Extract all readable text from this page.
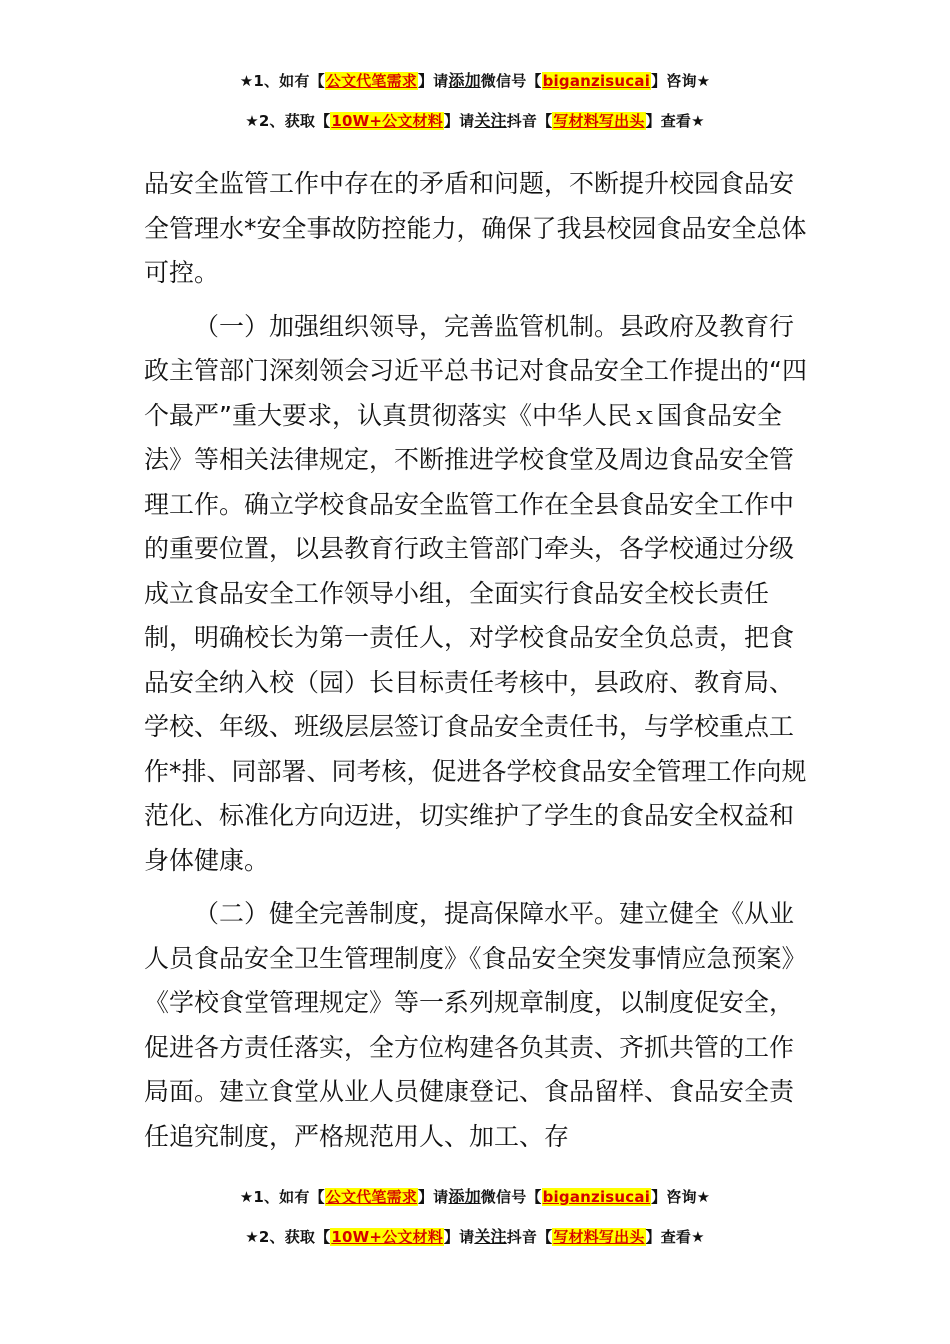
★1、如有【公文代笔需求】请添加微信号【biganzisucai】咨询★
★2、获取【10W+公文材料】请关注抖音【写材料写出头】查看★

品安全监管工作中存在的矛盾和问题，不断提升校园食品安全管理水*安全事故防控能力，确保了我县校园食品安全总体可控。

（一）加强组织领导，完善监管机制。县政府及教育行政主管部门深刻领会习近平总书记对食品安全工作提出的“四个最严”重大要求，认真贯彻落实《中华人民ｘ国食品安全法》等相关法律规定，不断推进学校食堂及周边食品安全管理工作。确立学校食品安全监管工作在全县食品安全工作中的重要位置，以县教育行政主管部门牵头，各学校通过分级成立食品安全工作领导小组，全面实行食品安全校长责任制，明确校长为第一责任人，对学校食品安全负总责，把食品安全纳入校（园）长目标责任考核中，县政府、教育局、学校、年级、班级层层签订食品安全责任书，与学校重点工作*排、同部署、同考核，促进各学校食品安全管理工作向规范化、标准化方向迈进，切实维护了学生的食品安全权益和身体健康。

（二）健全完善制度，提高保障水平。建立健全《从业人员食品安全卫生管理制度》《食品安全突发事情应急预案》《学校食堂管理规定》等一系列规章制度，以制度促安全，促进各方责任落实，全方位构建各负其责、齐抓共管的工作局面。建立食堂从业人员健康登记、食品留样、食品安全责任追究制度，严格规范用人、加工、存

★1、如有【公文代笔需求】请添加微信号【biganzisucai】咨询★
★2、获取【10W+公文材料】请关注抖音【写材料写出头】查看★
